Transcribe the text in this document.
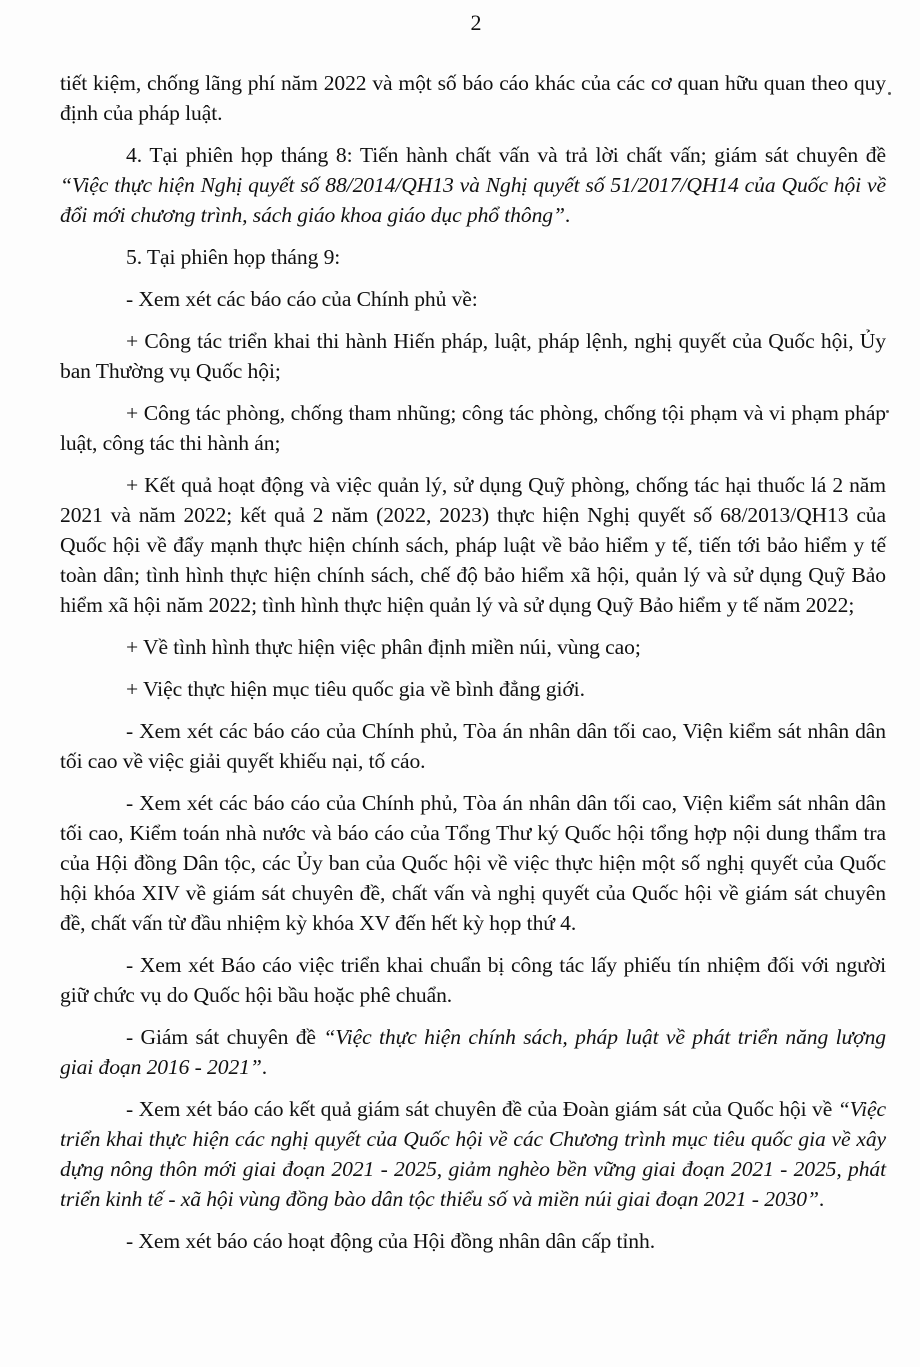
2

tiết kiệm, chống lãng phí năm 2022 và một số báo cáo khác của các cơ quan hữu quan theo quy định của pháp luật.

4. Tại phiên họp tháng 8: Tiến hành chất vấn và trả lời chất vấn; giám sát chuyên đề “Việc thực hiện Nghị quyết số 88/2014/QH13 và Nghị quyết số 51/2017/QH14 của Quốc hội về đổi mới chương trình, sách giáo khoa giáo dục phổ thông”.

5. Tại phiên họp tháng 9:

- Xem xét các báo cáo của Chính phủ về:

+ Công tác triển khai thi hành Hiến pháp, luật, pháp lệnh, nghị quyết của Quốc hội, Ủy ban Thường vụ Quốc hội;

+ Công tác phòng, chống tham nhũng; công tác phòng, chống tội phạm và vi phạm pháp luật, công tác thi hành án;

+ Kết quả hoạt động và việc quản lý, sử dụng Quỹ phòng, chống tác hại thuốc lá 2 năm 2021 và năm 2022; kết quả 2 năm (2022, 2023) thực hiện Nghị quyết số 68/2013/QH13 của Quốc hội về đẩy mạnh thực hiện chính sách, pháp luật về bảo hiểm y tế, tiến tới bảo hiểm y tế toàn dân; tình hình thực hiện chính sách, chế độ bảo hiểm xã hội, quản lý và sử dụng Quỹ Bảo hiểm xã hội năm 2022; tình hình thực hiện quản lý và sử dụng Quỹ Bảo hiểm y tế năm 2022;

+ Về tình hình thực hiện việc phân định miền núi, vùng cao;

+ Việc thực hiện mục tiêu quốc gia về bình đẳng giới.

- Xem xét các báo cáo của Chính phủ, Tòa án nhân dân tối cao, Viện kiểm sát nhân dân tối cao về việc giải quyết khiếu nại, tố cáo.

- Xem xét các báo cáo của Chính phủ, Tòa án nhân dân tối cao, Viện kiểm sát nhân dân tối cao, Kiểm toán nhà nước và báo cáo của Tổng Thư ký Quốc hội tổng hợp nội dung thẩm tra của Hội đồng Dân tộc, các Ủy ban của Quốc hội về việc thực hiện một số nghị quyết của Quốc hội khóa XIV về giám sát chuyên đề, chất vấn và nghị quyết của Quốc hội về giám sát chuyên đề, chất vấn từ đầu nhiệm kỳ khóa XV đến hết kỳ họp thứ 4.

- Xem xét Báo cáo việc triển khai chuẩn bị công tác lấy phiếu tín nhiệm đối với người giữ chức vụ do Quốc hội bầu hoặc phê chuẩn.

- Giám sát chuyên đề “Việc thực hiện chính sách, pháp luật về phát triển năng lượng giai đoạn 2016 - 2021”.

- Xem xét báo cáo kết quả giám sát chuyên đề của Đoàn giám sát của Quốc hội về “Việc triển khai thực hiện các nghị quyết của Quốc hội về các Chương trình mục tiêu quốc gia về xây dựng nông thôn mới giai đoạn 2021 - 2025, giảm nghèo bền vững giai đoạn 2021 - 2025, phát triển kinh tế - xã hội vùng đồng bào dân tộc thiểu số và miền núi giai đoạn 2021 - 2030”.

- Xem xét báo cáo hoạt động của Hội đồng nhân dân cấp tỉnh.
